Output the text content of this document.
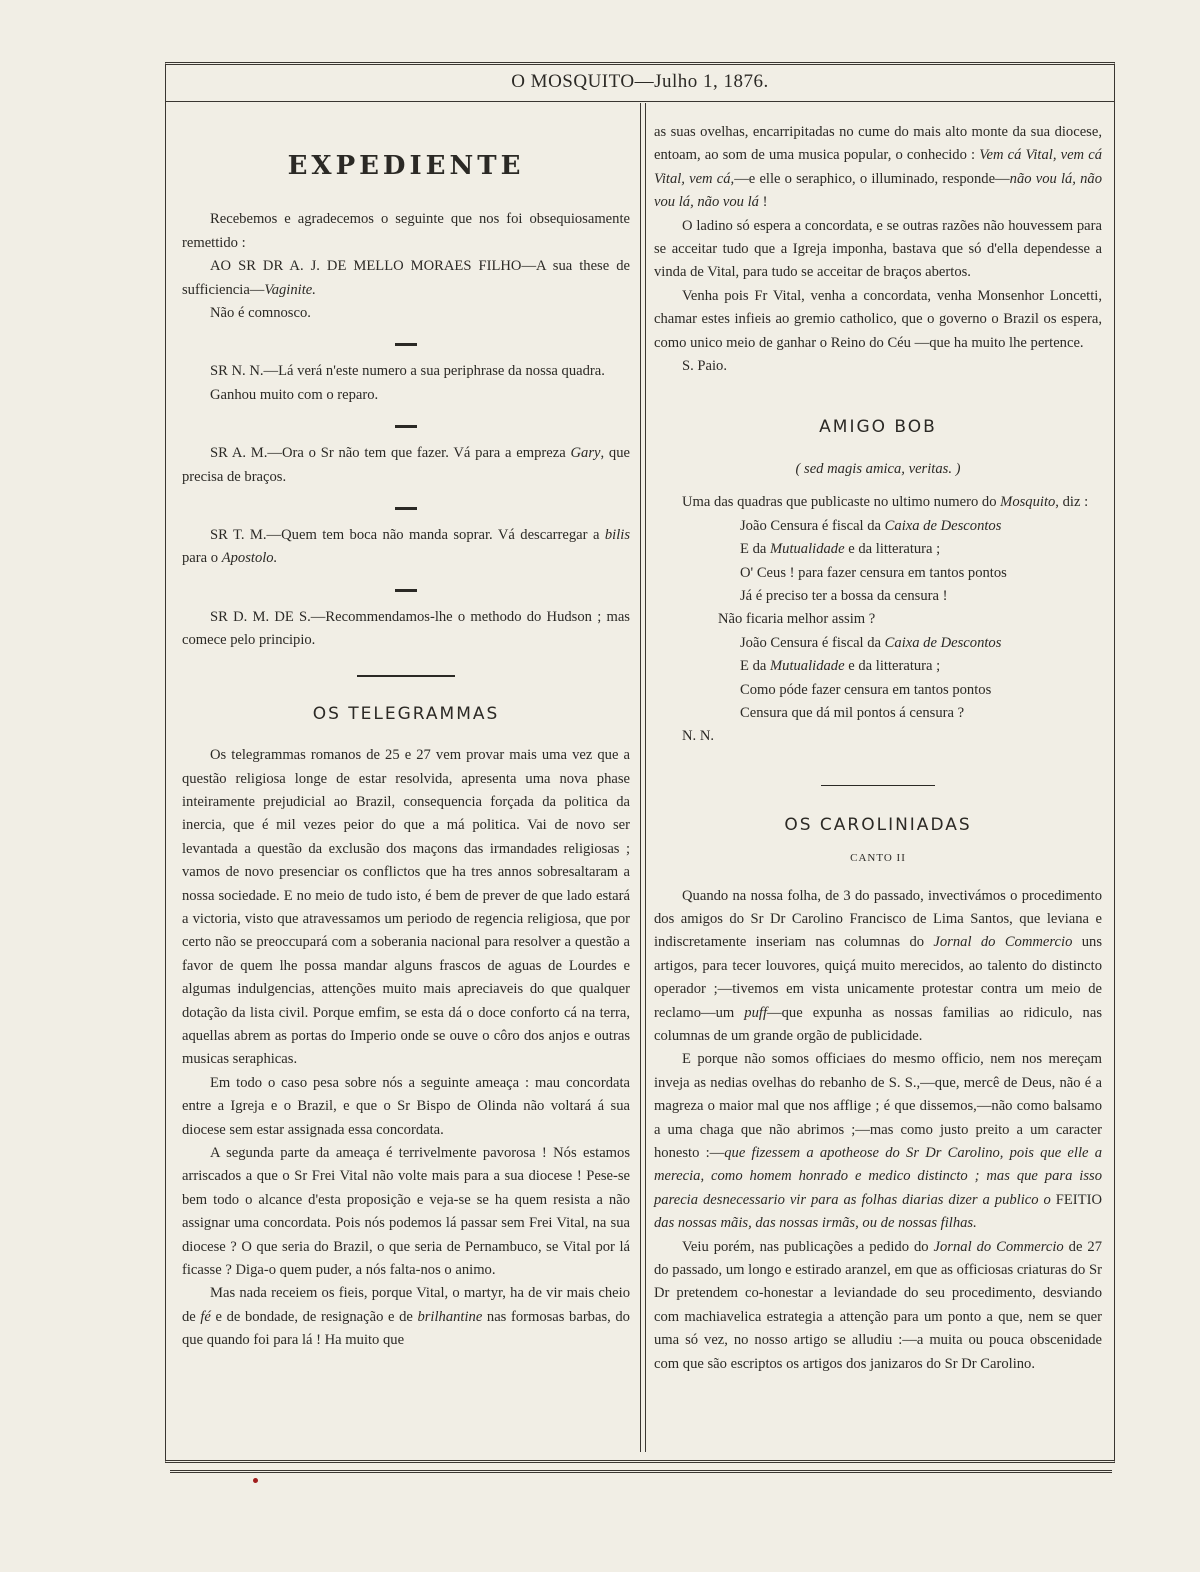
O MOSQUITO—Julho 1, 1876.
EXPEDIENTE

Recebemos e agradecemos o seguinte que nos foi obsequiosamente remettido :

AO SR DR A. J. DE MELLO MORAES FILHO—A sua these de sufficiencia—Vaginite.

Não é comnosco.

SR N. N.—Lá verá n'este numero a sua periphrase da nossa quadra.

Ganhou muito com o reparo.

SR A. M.—Ora o Sr não tem que fazer. Vá para a empreza Gary, que precisa de braços.

SR T. M.—Quem tem boca não manda soprar. Vá descarregar a bilis para o Apostolo.

SR D. M. DE S.—Recommendamos-lhe o methodo do Hudson ; mas comece pelo principio.

OS TELEGRAMMAS

Os telegrammas romanos de 25 e 27 vem provar mais uma vez que a questão religiosa longe de estar resolvida, apresenta uma nova phase inteiramente prejudicial ao Brazil, consequencia forçada da politica da inercia, que é mil vezes peior do que a má politica. Vai de novo ser levantada a questão da exclusão dos maçons das irmandades religiosas ; vamos de novo presenciar os conflictos que ha tres annos sobresaltaram a nossa sociedade. E no meio de tudo isto, é bem de prever de que lado estará a victoria, visto que atravessamos um periodo de regencia religiosa, que por certo não se preoccupará com a soberania nacional para resolver a questão a favor de quem lhe possa mandar alguns frascos de aguas de Lourdes e algumas indulgencias, attenções muito mais apreciaveis do que qualquer dotação da lista civil. Porque emfim, se esta dá o doce conforto cá na terra, aquellas abrem as portas do Imperio onde se ouve o côro dos anjos e outras musicas seraphicas.

Em todo o caso pesa sobre nós a seguinte ameaça : mau concordata entre a Igreja e o Brazil, e que o Sr Bispo de Olinda não voltará á sua diocese sem estar assignada essa concordata.

A segunda parte da ameaça é terrivelmente pavorosa ! Nós estamos arriscados a que o Sr Frei Vital não volte mais para a sua diocese ! Pese-se bem todo o alcance d'esta proposição e veja-se se ha quem resista a não assignar uma concordata. Pois nós podemos lá passar sem Frei Vital, na sua diocese ? O que seria do Brazil, o que seria de Pernambuco, se Vital por lá ficasse ? Diga-o quem puder, a nós falta-nos o animo.

Mas nada receiem os fieis, porque Vital, o martyr, ha de vir mais cheio de fé e de bondade, de resignação e de brilhantine nas formosas barbas, do que quando foi para lá ! Ha muito que

as suas ovelhas, encarripitadas no cume do mais alto monte da sua diocese, entoam, ao som de uma musica popular, o conhecido : Vem cá Vital, vem cá Vital, vem cá,—e elle o seraphico, o illuminado, responde—não vou lá, não vou lá, não vou lá !

O ladino só espera a concordata, e se outras razões não houvessem para se acceitar tudo que a Igreja imponha, bastava que só d'ella dependesse a vinda de Vital, para tudo se acceitar de braços abertos.

Venha pois Fr Vital, venha a concordata, venha Monsenhor Loncetti, chamar estes infieis ao gremio catholico, que o governo o Brazil os espera, como unico meio de ganhar o Reino do Céu —que ha muito lhe pertence.

S. Paio.

AMIGO BOB
( sed magis amica, veritas. )

Uma das quadras que publicaste no ultimo numero do Mosquito, diz :

João Censura é fiscal da Caixa de Descontos

E da Mutualidade e da litteratura ;

O' Ceus ! para fazer censura em tantos pontos

Já é preciso ter a bossa da censura !

Não ficaria melhor assim ?

João Censura é fiscal da Caixa de Descontos

E da Mutualidade e da litteratura ;

Como póde fazer censura em tantos pontos

Censura que dá mil pontos á censura ?

N. N.

OS CAROLINIADAS
CANTO II

Quando na nossa folha, de 3 do passado, invectivámos o procedimento dos amigos do Sr Dr Carolino Francisco de Lima Santos, que leviana e indiscretamente inseriam nas columnas do Jornal do Commercio uns artigos, para tecer louvores, quiçá muito merecidos, ao talento do distincto operador ;—tivemos em vista unicamente protestar contra um meio de reclamo—um puff—que expunha as nossas familias ao ridiculo, nas columnas de um grande orgão de publicidade.

E porque não somos officiaes do mesmo officio, nem nos mereçam inveja as nedias ovelhas do rebanho de S. S.,—que, mercê de Deus, não é a magreza o maior mal que nos afflige ; é que dissemos,—não como balsamo a uma chaga que não abrimos ;—mas como justo preito a um caracter honesto :—que fizessem a apotheose do Sr Dr Carolino, pois que elle a merecia, como homem honrado e medico distincto ; mas que para isso parecia desnecessario vir para as folhas diarias dizer a publico o FEITIO das nossas mãis, das nossas irmãs, ou de nossas filhas.

Veiu porém, nas publicações a pedido do Jornal do Commercio de 27 do passado, um longo e estirado aranzel, em que as officiosas criaturas do Sr Dr pretendem co-honestar a leviandade do seu procedimento, desviando com machiavelica estrategia a attenção para um ponto a que, nem se quer uma só vez, no nosso artigo se alludiu :—a muita ou pouca obscenidade com que são escriptos os artigos dos janizaros do Sr Dr Carolino.
